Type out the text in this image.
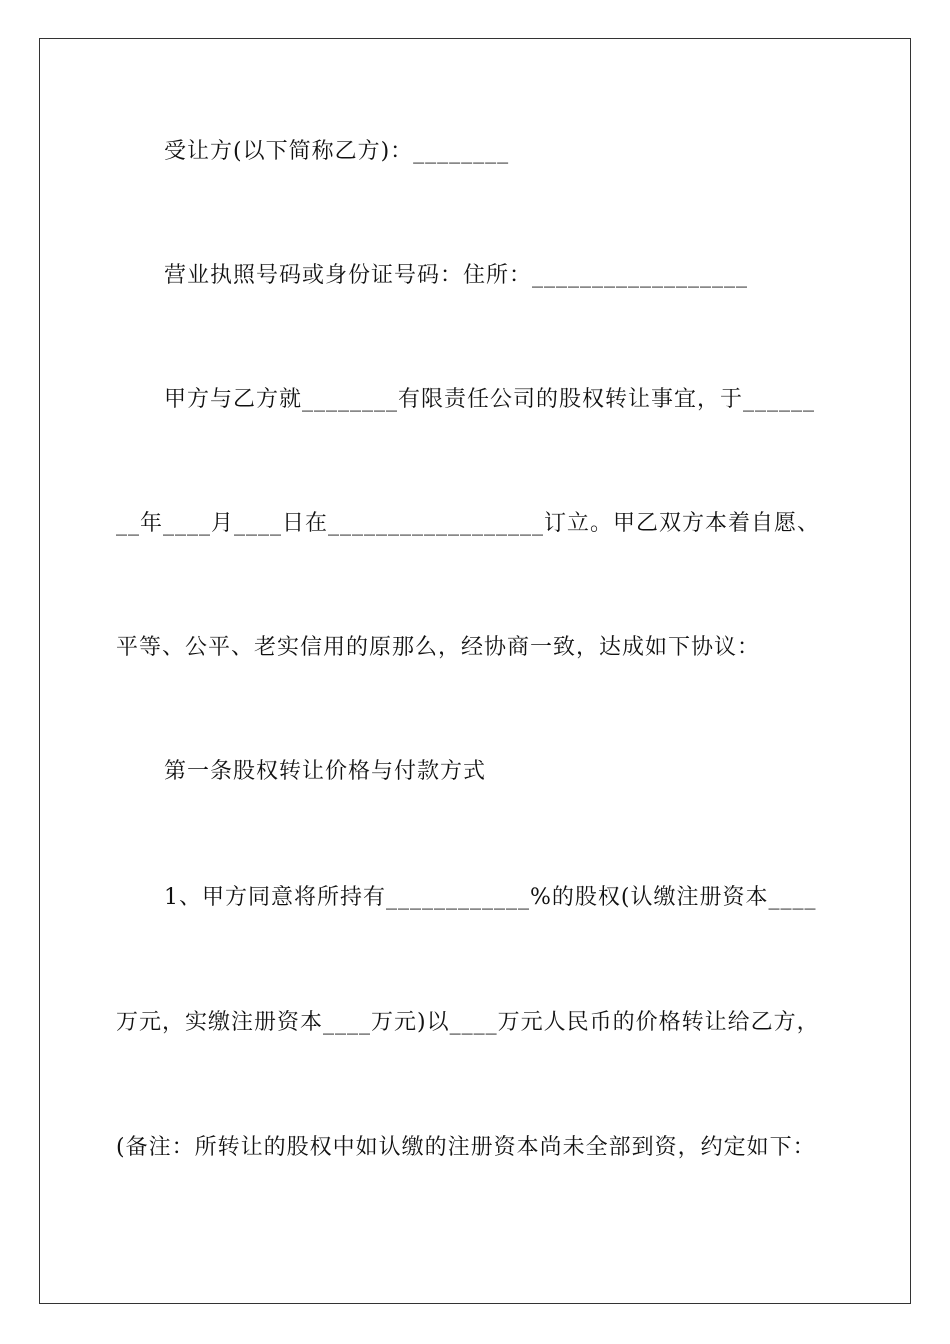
受让方(以下简称乙方)：________
营业执照号码或身份证号码：住所：__________________
甲方与乙方就________有限责任公司的股权转让事宜，于______
__年____月____日在__________________订立。甲乙双方本着自愿、
平等、公平、老实信用的原那么，经协商一致，达成如下协议：
第一条股权转让价格与付款方式
1、甲方同意将所持有____________%的股权(认缴注册资本____
万元，实缴注册资本____万元)以____万元人民币的价格转让给乙方，
(备注：所转让的股权中如认缴的注册资本尚未全部到资，约定如下：
